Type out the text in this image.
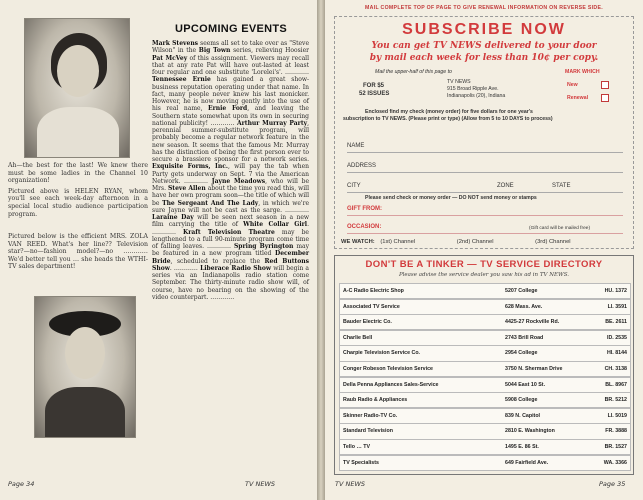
Ah—the best for the last! We knew there must be some ladies in the Channel 10 organization!

Pictured above is HELEN RYAN, whom you'll see each week-day afternoon in a special local studio audience participation program.

Pictured below is the efficient MRS. ZOLA VAN REED. What's her line?? Television star?—no—fashion model?—no ………… We'd better tell you … she heads the WTHI-TV sales department!
UPCOMING EVENTS
Mark Stevens seems all set to take over as "Steve Wilson" in the Big Town series, relieving Hoosier Pat McVey of this assignment. Viewers may recall that at any rate Pat will have out-lasted at least four regular and one substitute 'Lorelei's'. ………… Tennessee Ernie has gained a great show-business reputation operating under that name. In fact, many people never knew his last monicker. However, he is now moving gently into the use of his real name, Ernie Ford, and leaving the Southern state somewhat upon its own in securing national publicity! ………… Arthur Murray Party, perennial summer-substitute program, will probably become a regular network feature in the new season. It seems that the famous Mr. Murray has the distinction of being the first person ever to secure a brassiere sponsor for a network series. Exquisite Forms, Inc., will pay the tab when Party gets underway on Sept. 7 via the American Network. ………… Jayne Meadows, who will be Mrs. Steve Allen about the time you read this, will have her own program soon—the title of which will be The Sergeant And The Lady, in which we're sure Jayne will not be cast as the sarge. ………… Laraine Day will be seen next season in a new film carrying the title of White Collar Girl. ………… Kraft Television Theatre may be lengthened to a full 90-minute program come time of falling leaves. ………… Spring Byrington may be featured in a new program titled December Bride, scheduled to replace the Red Buttons Show. ………… Liberace Radio Show will begin a series via an Indianapolis radio station come September. The thirty-minute radio show will, of course, have no bearing on the showing of the video counterpart. …………
Page 34	TV NEWS
MAIL COMPLETE TOP OF PAGE TO GIVE RENEWAL INFORMATION ON REVERSE SIDE.
SUBSCRIBE NOW
You can get TV NEWS delivered to your door
by mail each week for less than 10¢ per copy.
Mail the upper-half of this page to	MARK WHICH
FOR $5
52 ISSUES
TV NEWS
915 Broad Ripple Ave.
Indianapolis (20), Indiana
New
Renewal
Enclosed find my check (money order) for five dollars for one year's
subscription to TV NEWS. (Please print or type) (Allow from 5 to 10 DAYS to process)
NAME
ADDRESS
CITY	ZONE	STATE
Please send check or money order — DO NOT send money or stamps
GIFT FROM:
OCCASION:	(Gift card will be mailed free)
WE WATCH: (1st) Channel	(2nd) Channel	(3rd) Channel
DON'T BE A TINKER — TV SERVICE DIRECTORY
Please advise the service dealer you saw his ad in TV NEWS.
A-C Radio Electric Shop	5207 College	HU. 1372
Associated TV Service	628 Mass. Ave.	LI. 3591
Bauder Electric Co.	4425-27 Rockville Rd.	BE. 2611
Charlie Bell	2743 Brill Road	ID. 2535
Charpie Television Service Co.	2954 College	HI. 8144
Conger Robeson Television Service	3750 N. Sherman Drive	CH. 3138
Della Penna Appliances Sales-Service	5044 East 10 St.	BL. 8967
Raub Radio & Appliances	5908 College	BR. 5212
Skinner Radio-TV Co.	839 N. Capitol	LI. 5019
Standard Television	2810 E. Washington	FR. 3888
Tello … TV	1495 E. 86 St.	BR. 1527
TV Specialists	649 Fairfield Ave.	WA. 3366
TV NEWS	Page 35
